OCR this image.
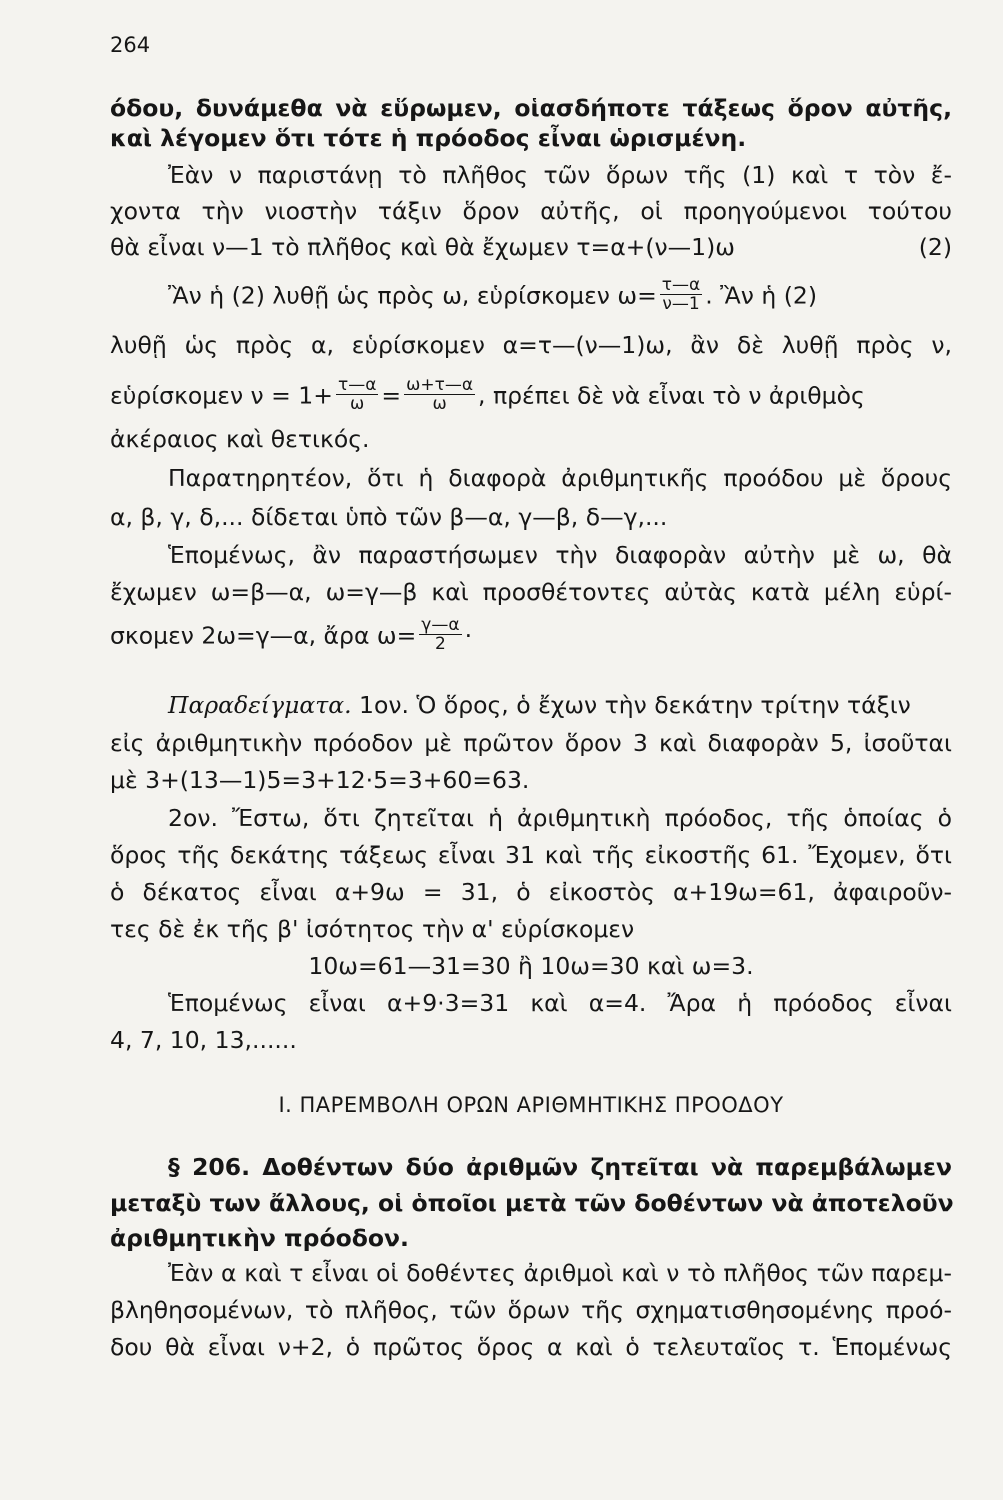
264
όδου, δυνάμεθα νὰ εὕρωμεν, οἱασδήποτε τάξεως ὅρον αὐτῆς,
καὶ λέγομεν ὅτι τότε ἡ πρόοδος εἶναι ὡρισμένη.
Ἐὰν ν παριστάνῃ τὸ πλῆθος τῶν ὅρων τῆς (1) καὶ τ τὸν ἔ-
χοντα τὴν νιοστὴν τάξιν ὅρον αὐτῆς, οἱ προηγούμενοι τούτου
θὰ εἶναι ν—1 τὸ πλῆθος καὶ θὰ ἔχωμεν τ=α+(ν—1)ω	(2)
Ἂν ἡ (2) λυθῇ ὡς πρὸς ω, εὑρίσκομεν $\omega= \frac{\tau—\alpha}{\nu—1}$ . Ἂν ἡ (2)
λυθῇ ὡς πρὸς α, εὑρίσκομεν α=τ—(ν—1)ω, ἂν δὲ λυθῇ πρὸς ν,
εὑρίσκομεν $\nu = 1+ \frac{\tau—\alpha}{\omega} = \frac{\omega+\tau—\alpha}{\omega}$ , πρέπει δὲ νὰ εἶναι τὸ ν ἀριθμὸς
ἀκέραιος καὶ θετικός.
Παρατηρητέον, ὅτι ἡ διαφορὰ ἀριθμητικῆς προόδου μὲ ὅρους
α, β, γ, δ,... δίδεται ὑπὸ τῶν β—α, γ—β, δ—γ,...
Ἑπομένως, ἂν παραστήσωμεν τὴν διαφορὰν αὐτὴν μὲ ω, θὰ
ἔχωμεν ω=β—α, ω=γ—β καὶ προσθέτοντες αὐτὰς κατὰ μέλη εὑρί-
σκομεν 2ω=γ—α, ἄρα $\omega= \frac{\gamma—\alpha}{2}$ ·
Παραδείγματα. 1ον. Ὁ ὅρος, ὁ ἔχων τὴν δεκάτην τρίτην τάξιν
εἰς ἀριθμητικὴν πρόοδον μὲ πρῶτον ὅρον 3 καὶ διαφορὰν 5, ἰσοῦται
μὲ 3+(13—1)5=3+12·5=3+60=63.
2ον. Ἔστω, ὅτι ζητεῖται ἡ ἀριθμητικὴ πρόοδος, τῆς ὁποίας ὁ
ὅρος τῆς δεκάτης τάξεως εἶναι 31 καὶ τῆς εἰκοστῆς 61. Ἔχομεν, ὅτι
ὁ δέκατος εἶναι α+9ω = 31, ὁ εἰκοστὸς α+19ω=61, ἀφαιροῦν-
τες δὲ ἐκ τῆς β' ἰσότητος τὴν α' εὑρίσκομεν
10ω=61—31=30 ἢ 10ω=30 καὶ ω=3.
Ἑπομένως εἶναι α+9·3=31 καὶ α=4. Ἄρα ἡ πρόοδος εἶναι
4, 7, 10, 13,......
I. ΠΑΡΕΜΒΟΛΗ ΟΡΩΝ ΑΡΙΘΜΗΤΙΚΗΣ ΠΡΟΟΔΟΥ
§ 206. Δοθέντων δύο ἀριθμῶν ζητεῖται νὰ παρεμβάλωμεν
μεταξὺ των ἄλλους, οἱ ὁποῖοι μετὰ τῶν δοθέντων νὰ ἀποτελοῦν
ἀριθμητικὴν πρόοδον.
Ἐὰν α καὶ τ εἶναι οἱ δοθέντες ἀριθμοὶ καὶ ν τὸ πλῆθος τῶν παρεμ-
βληθησομένων, τὸ πλῆθος, τῶν ὅρων τῆς σχηματισθησομένης προό-
δου θὰ εἶναι ν+2, ὁ πρῶτος ὅρος α καὶ ὁ τελευταῖος τ. Ἑπομένως
